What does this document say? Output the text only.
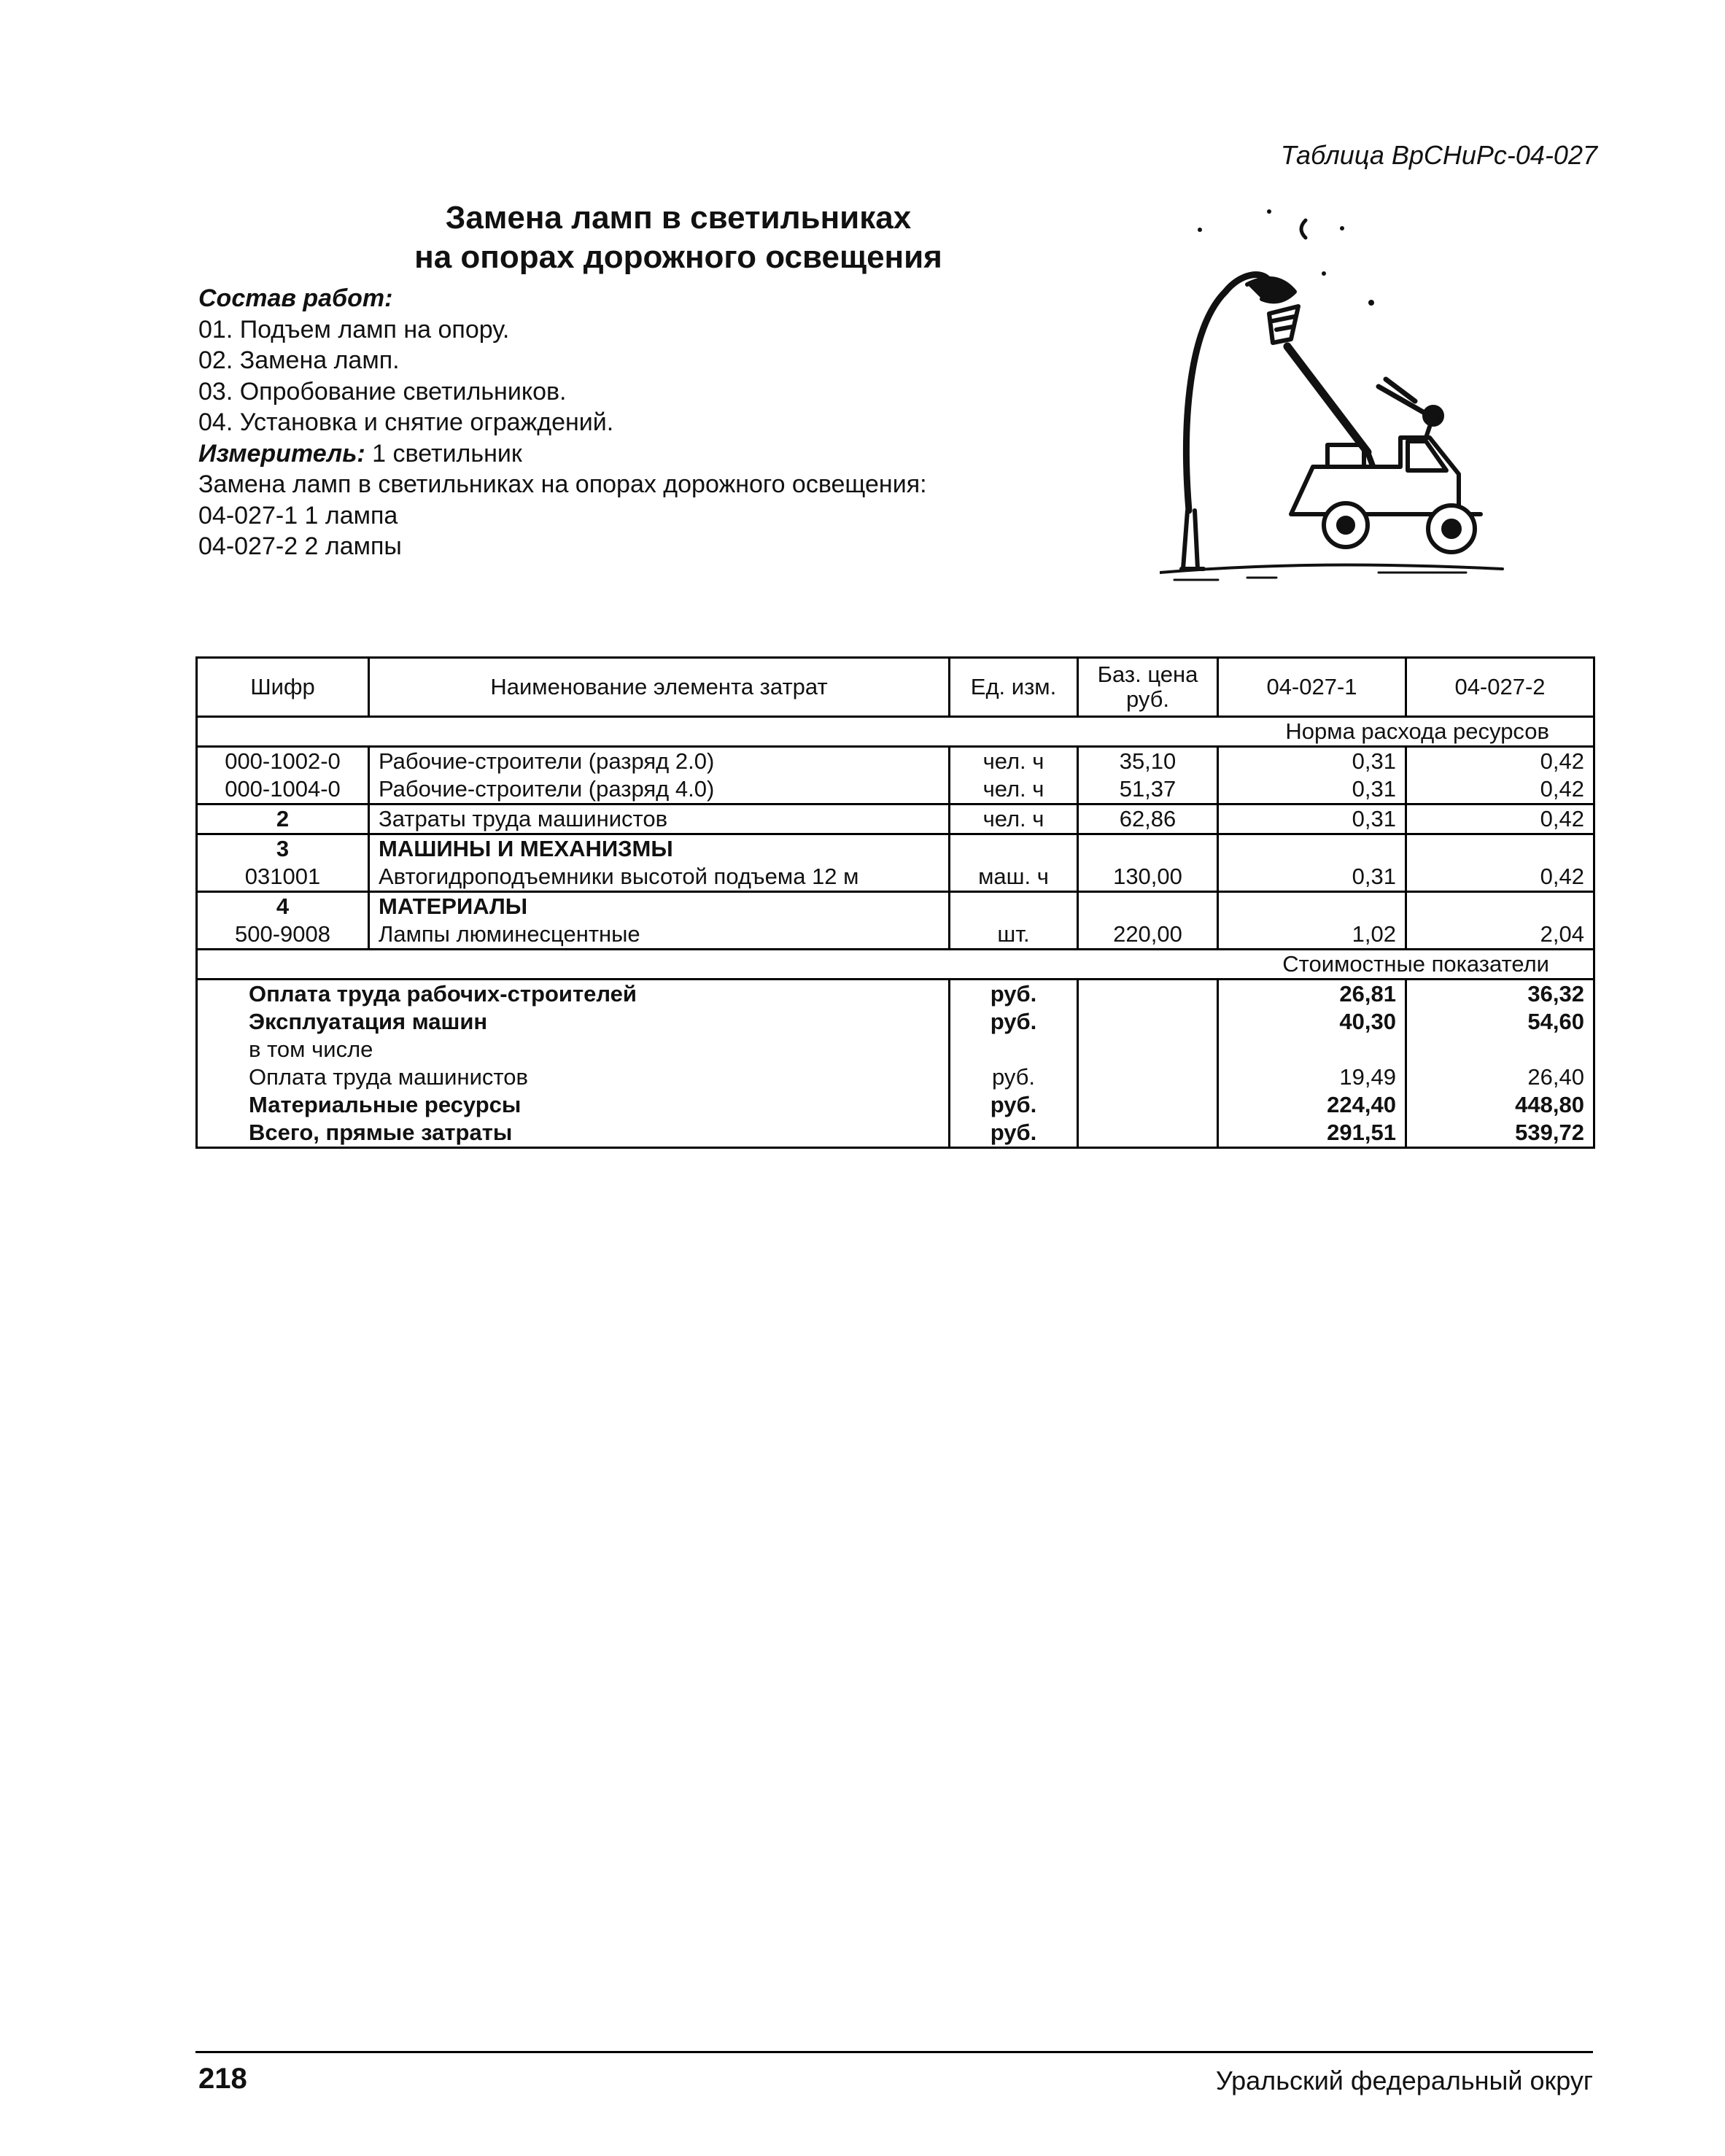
Таблица ВрСНиРс-04-027
Замена ламп в светильниках
на опорах дорожного освещения
Состав работ:
01. Подъем ламп на опору.
02. Замена ламп.
03. Опробование светильников.
04. Установка и снятие ограждений.
Измеритель: 1 светильник
Замена ламп в светильниках на опорах дорожного освещения:
04-027-1 1 лампа
04-027-2 2 лампы
Шифр	Наименование элемента затрат	Ед. изм.	Баз. цена руб.	04-027-1	04-027-2
Норма расхода ресурсов					
000-1002-0	Рабочие-строители (разряд 2.0)	чел. ч	35,10	0,31	0,42
000-1004-0	Рабочие-строители (разряд 4.0)	чел. ч	51,37	0,31	0,42
2	Затраты труда машинистов	чел. ч	62,86	0,31	0,42
3	МАШИНЫ И МЕХАНИЗМЫ				
031001	Автогидроподъемники высотой подъема 12 м	маш. ч	130,00	0,31	0,42
4	МАТЕРИАЛЫ				
500-9008	Лампы люминесцентные	шт.	220,00	1,02	2,04
Стоимостные показатели					
Оплата труда рабочих-строителей		руб.		26,81	36,32
Эксплуатация машин		руб.		40,30	54,60
в том числе					
Оплата труда машинистов		руб.		19,49	26,40
Материальные ресурсы		руб.		224,40	448,80
Всего, прямые затраты		руб.		291,51	539,72
218	Уральский федеральный округ
